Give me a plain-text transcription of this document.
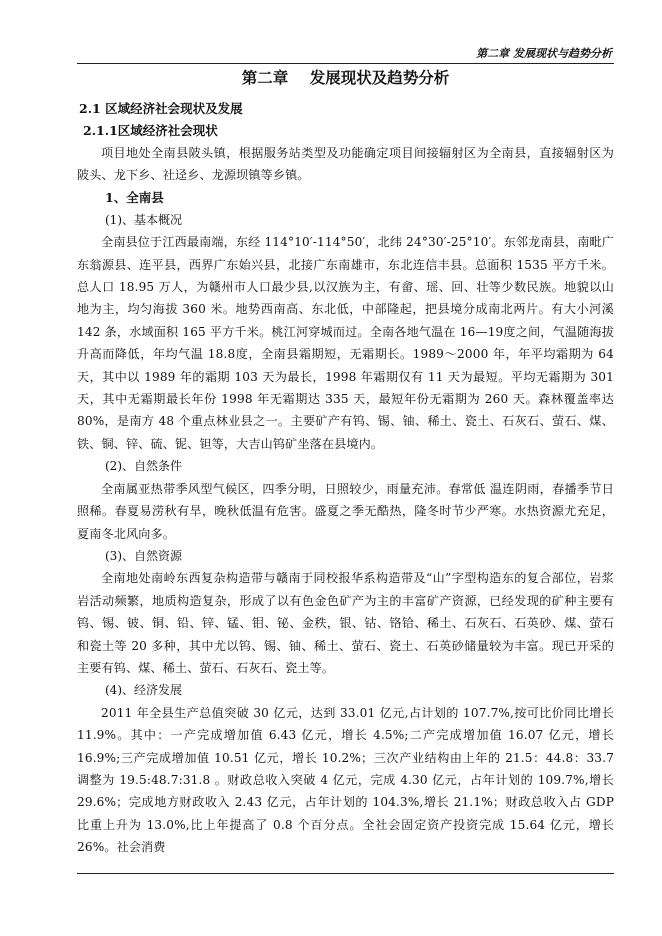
第二章 发展现状与趋势分析
第二章    发展现状及趋势分析

2.1 区域经济社会现状及发展

2.1.1区域经济社会现状

项目地处全南县陂头镇，根据服务站类型及功能确定项目间接辐射区为全南县，直接辐射区为陂头、龙下乡、社迳乡、龙源坝镇等乡镇。

1、全南县

(1)、基本概况

全南县位于江西最南端，东经 114°10′-114°50′，北纬 24°30′-25°10′。东邻龙南县，南毗广东翁源县、连平县，西界广东始兴县，北接广东南雄市，东北连信丰县。总面积 1535 平方千米。总人口 18.95 万人，为赣州市人口最少县,以汉族为主，有畲、瑶、回、壮等少数民族。地貌以山地为主，均匀海拔 360 米。地势西南高、东北低，中部隆起，把县境分成南北两片。有大小河溪 142 条，水域面积 165 平方千米。桃江河穿城而过。全南各地气温在 16—19度之间，气温随海拔升高而降低，年均气温 18.8度，全南县霜期短，无霜期长。1989～2000 年，年平均霜期为 64 天，其中以 1989 年的霜期 103 天为最长，1998 年霜期仅有 11 天为最短。平均无霜期为 301 天，其中无霜期最长年份 1998 年无霜期达 335 天，最短年份无霜期为 260 天。森林覆盖率达 80%，是南方 48 个重点林业县之一。主要矿产有钨、锡、铀、稀土、瓷土、石灰石、萤石、煤、铁、铜、锌、硫、铌、钽等，大吉山钨矿坐落在县境内。

(2)、自然条件

全南属亚热带季风型气候区，四季分明，日照较少，雨量充沛。春常低 温连阴雨，春播季节日照稀。春夏易涝秋有旱，晚秋低温有危害。盛夏之季无酷热，隆冬时节少严寒。水热资源尤充足，夏南冬北风向多。

(3)、自然资源

全南地处南岭东西复杂构造带与赣南于同校报华系构造带及“山”字型构造东的复合部位，岩浆岩活动频繁，地质构造复杂，形成了以有色金色矿产为主的丰富矿产资源，已经发现的矿种主要有钨、锡、铍、铜、铅、锌、锰、钼、铋、金秩，银、钴、铬铪、稀土、石灰石、石英砂、煤、萤石和瓷土等 20 多种，其中尤以钨、锡、铀、稀土、萤石、瓷土、石英砂储量较为丰富。现已开采的主要有钨、煤、稀土、萤石、石灰石、瓷土等。

(4)、经济发展

2011 年全县生产总值突破 30 亿元，达到 33.01 亿元,占计划的 107.7%,按可比价同比增长 11.9%。其中：一产完成增加值 6.43 亿元，增长 4.5%;二产完成增加值 16.07 亿元，增长 16.9%;三产完成增加值 10.51 亿元，增长 10.2%；三次产业结构由上年的 21.5：44.8：33.7 调整为 19.5:48.7:31.8 。财政总收入突破 4 亿元，完成 4.30 亿元，占年计划的 109.7%,增长 29.6%；完成地方财政收入 2.43 亿元，占年计划的 104.3%,增长 21.1%；财政总收入占 GDP 比重上升为 13.0%,比上年提高了 0.8 个百分点。全社会固定资产投资完成 15.64 亿元，增长 26%。社会消费
